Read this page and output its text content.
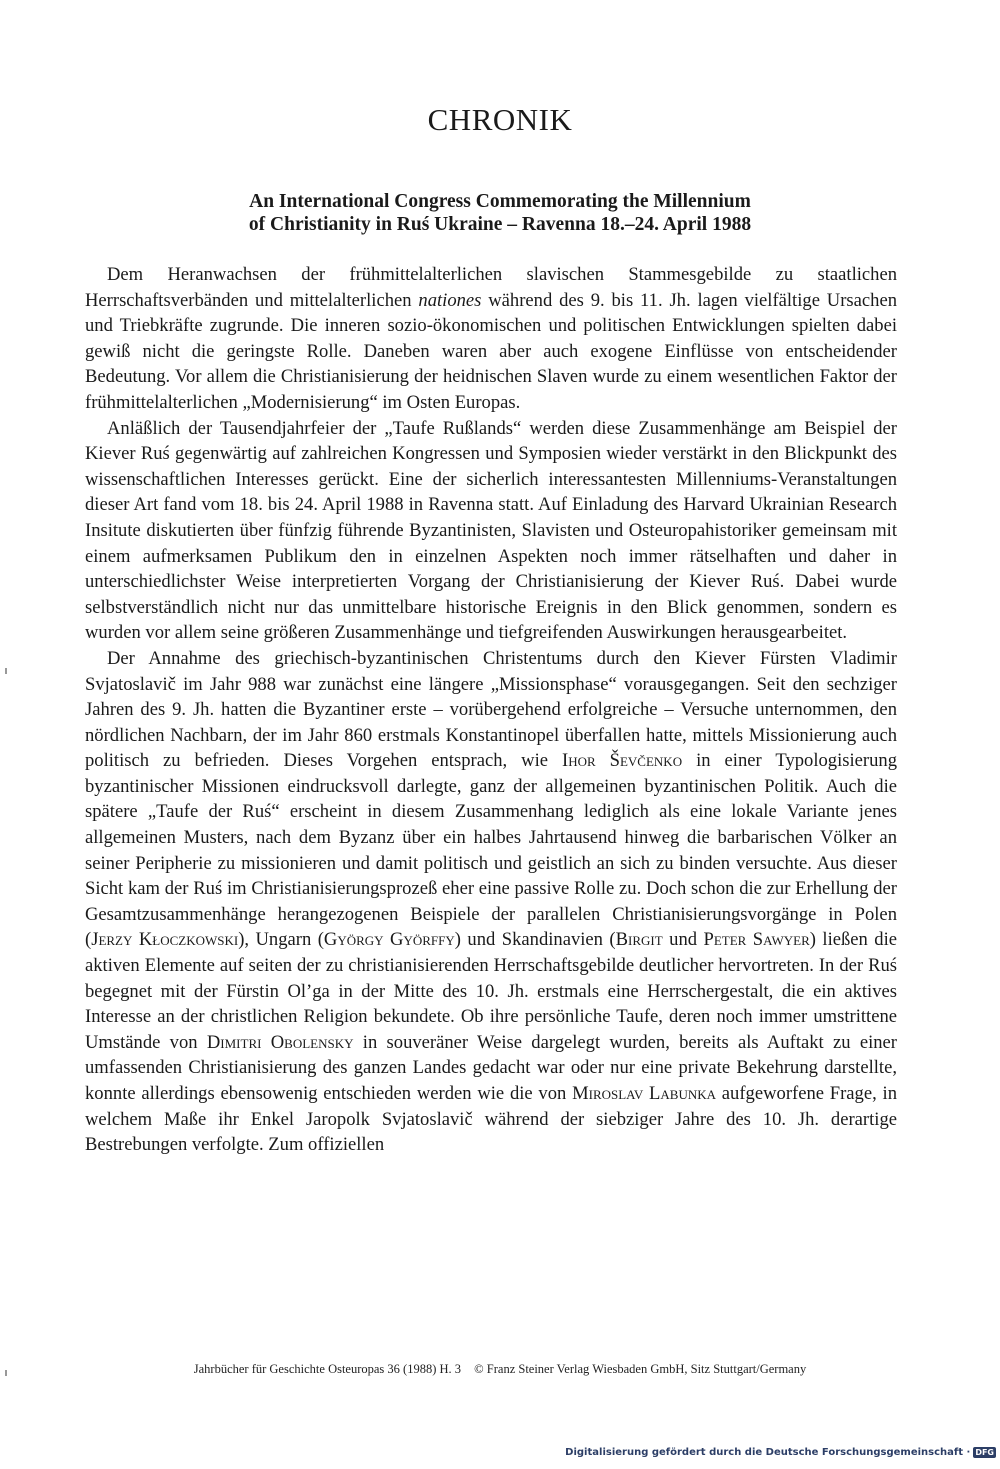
CHRONIK
An International Congress Commemorating the Millennium
of Christianity in Ruś Ukraine – Ravenna 18.–24. April 1988

Dem Heranwachsen der frühmittelalterlichen slavischen Stammesgebilde zu staatlichen Herrschaftsverbänden und mittelalterlichen nationes während des 9. bis 11. Jh. lagen vielfältige Ursachen und Triebkräfte zugrunde. Die inneren sozio-ökonomischen und politischen Entwicklungen spielten dabei gewiß nicht die geringste Rolle. Daneben waren aber auch exogene Einflüsse von entscheidender Bedeutung. Vor allem die Christianisierung der heidnischen Slaven wurde zu einem wesentlichen Faktor der frühmittelalterlichen „Modernisierung“ im Osten Europas.

Anläßlich der Tausendjahrfeier der „Taufe Rußlands“ werden diese Zusammenhänge am Beispiel der Kiever Ruś gegenwärtig auf zahlreichen Kongressen und Symposien wieder verstärkt in den Blickpunkt des wissenschaftlichen Interesses gerückt. Eine der sicherlich interessantesten Millenniums-Veranstaltungen dieser Art fand vom 18. bis 24. April 1988 in Ravenna statt. Auf Einladung des Harvard Ukrainian Research Insitute diskutierten über fünfzig führende Byzantinisten, Slavisten und Osteuropahistoriker gemeinsam mit einem aufmerksamen Publikum den in einzelnen Aspekten noch immer rätselhaften und daher in unterschiedlichster Weise interpretierten Vorgang der Christianisierung der Kiever Ruś. Dabei wurde selbstverständlich nicht nur das unmittelbare historische Ereignis in den Blick genommen, sondern es wurden vor allem seine größeren Zusammenhänge und tiefgreifenden Auswirkungen herausgearbeitet.

Der Annahme des griechisch-byzantinischen Christentums durch den Kiever Fürsten Vladimir Svjatoslavič im Jahr 988 war zunächst eine längere „Missionsphase“ vorausgegangen. Seit den sechziger Jahren des 9. Jh. hatten die Byzantiner erste – vorübergehend erfolgreiche – Versuche unternommen, den nördlichen Nachbarn, der im Jahr 860 erstmals Konstantinopel überfallen hatte, mittels Missionierung auch politisch zu befrieden. Dieses Vorgehen entsprach, wie Ihor Ševčenko in einer Typologisierung byzantinischer Missionen eindrucksvoll darlegte, ganz der allgemeinen byzantinischen Politik. Auch die spätere „Taufe der Ruś“ erscheint in diesem Zusammenhang lediglich als eine lokale Variante jenes allgemeinen Musters, nach dem Byzanz über ein halbes Jahrtausend hinweg die barbarischen Völker an seiner Peripherie zu missionieren und damit politisch und geistlich an sich zu binden versuchte. Aus dieser Sicht kam der Ruś im Christianisierungsprozeß eher eine passive Rolle zu. Doch schon die zur Erhellung der Gesamtzusammenhänge herangezogenen Beispiele der parallelen Christianisierungsvorgänge in Polen (Jerzy Kłoczkowski), Ungarn (György Györffy) und Skandinavien (Birgit und Peter Sawyer) ließen die aktiven Elemente auf seiten der zu christianisierenden Herrschaftsgebilde deutlicher hervortreten. In der Ruś begegnet mit der Fürstin Ol’ga in der Mitte des 10. Jh. erstmals eine Herrschergestalt, die ein aktives Interesse an der christlichen Religion bekundete. Ob ihre persönliche Taufe, deren noch immer umstrittene Umstände von Dimitri Obolensky in souveräner Weise dargelegt wurden, bereits als Auftakt zu einer umfassenden Christianisierung des ganzen Landes gedacht war oder nur eine private Bekehrung darstellte, konnte allerdings ebensowenig entschieden werden wie die von Miroslav Labunka aufgeworfene Frage, in welchem Maße ihr Enkel Jaropolk Svjatoslavič während der siebziger Jahre des 10. Jh. derartige Bestrebungen verfolgte. Zum offiziellen

Jahrbücher für Geschichte Osteuropas 36 (1988) H. 3 © Franz Steiner Verlag Wiesbaden GmbH, Sitz Stuttgart/Germany
Digitalisierung gefördert durch die Deutsche Forschungsgemeinschaft · DFG
